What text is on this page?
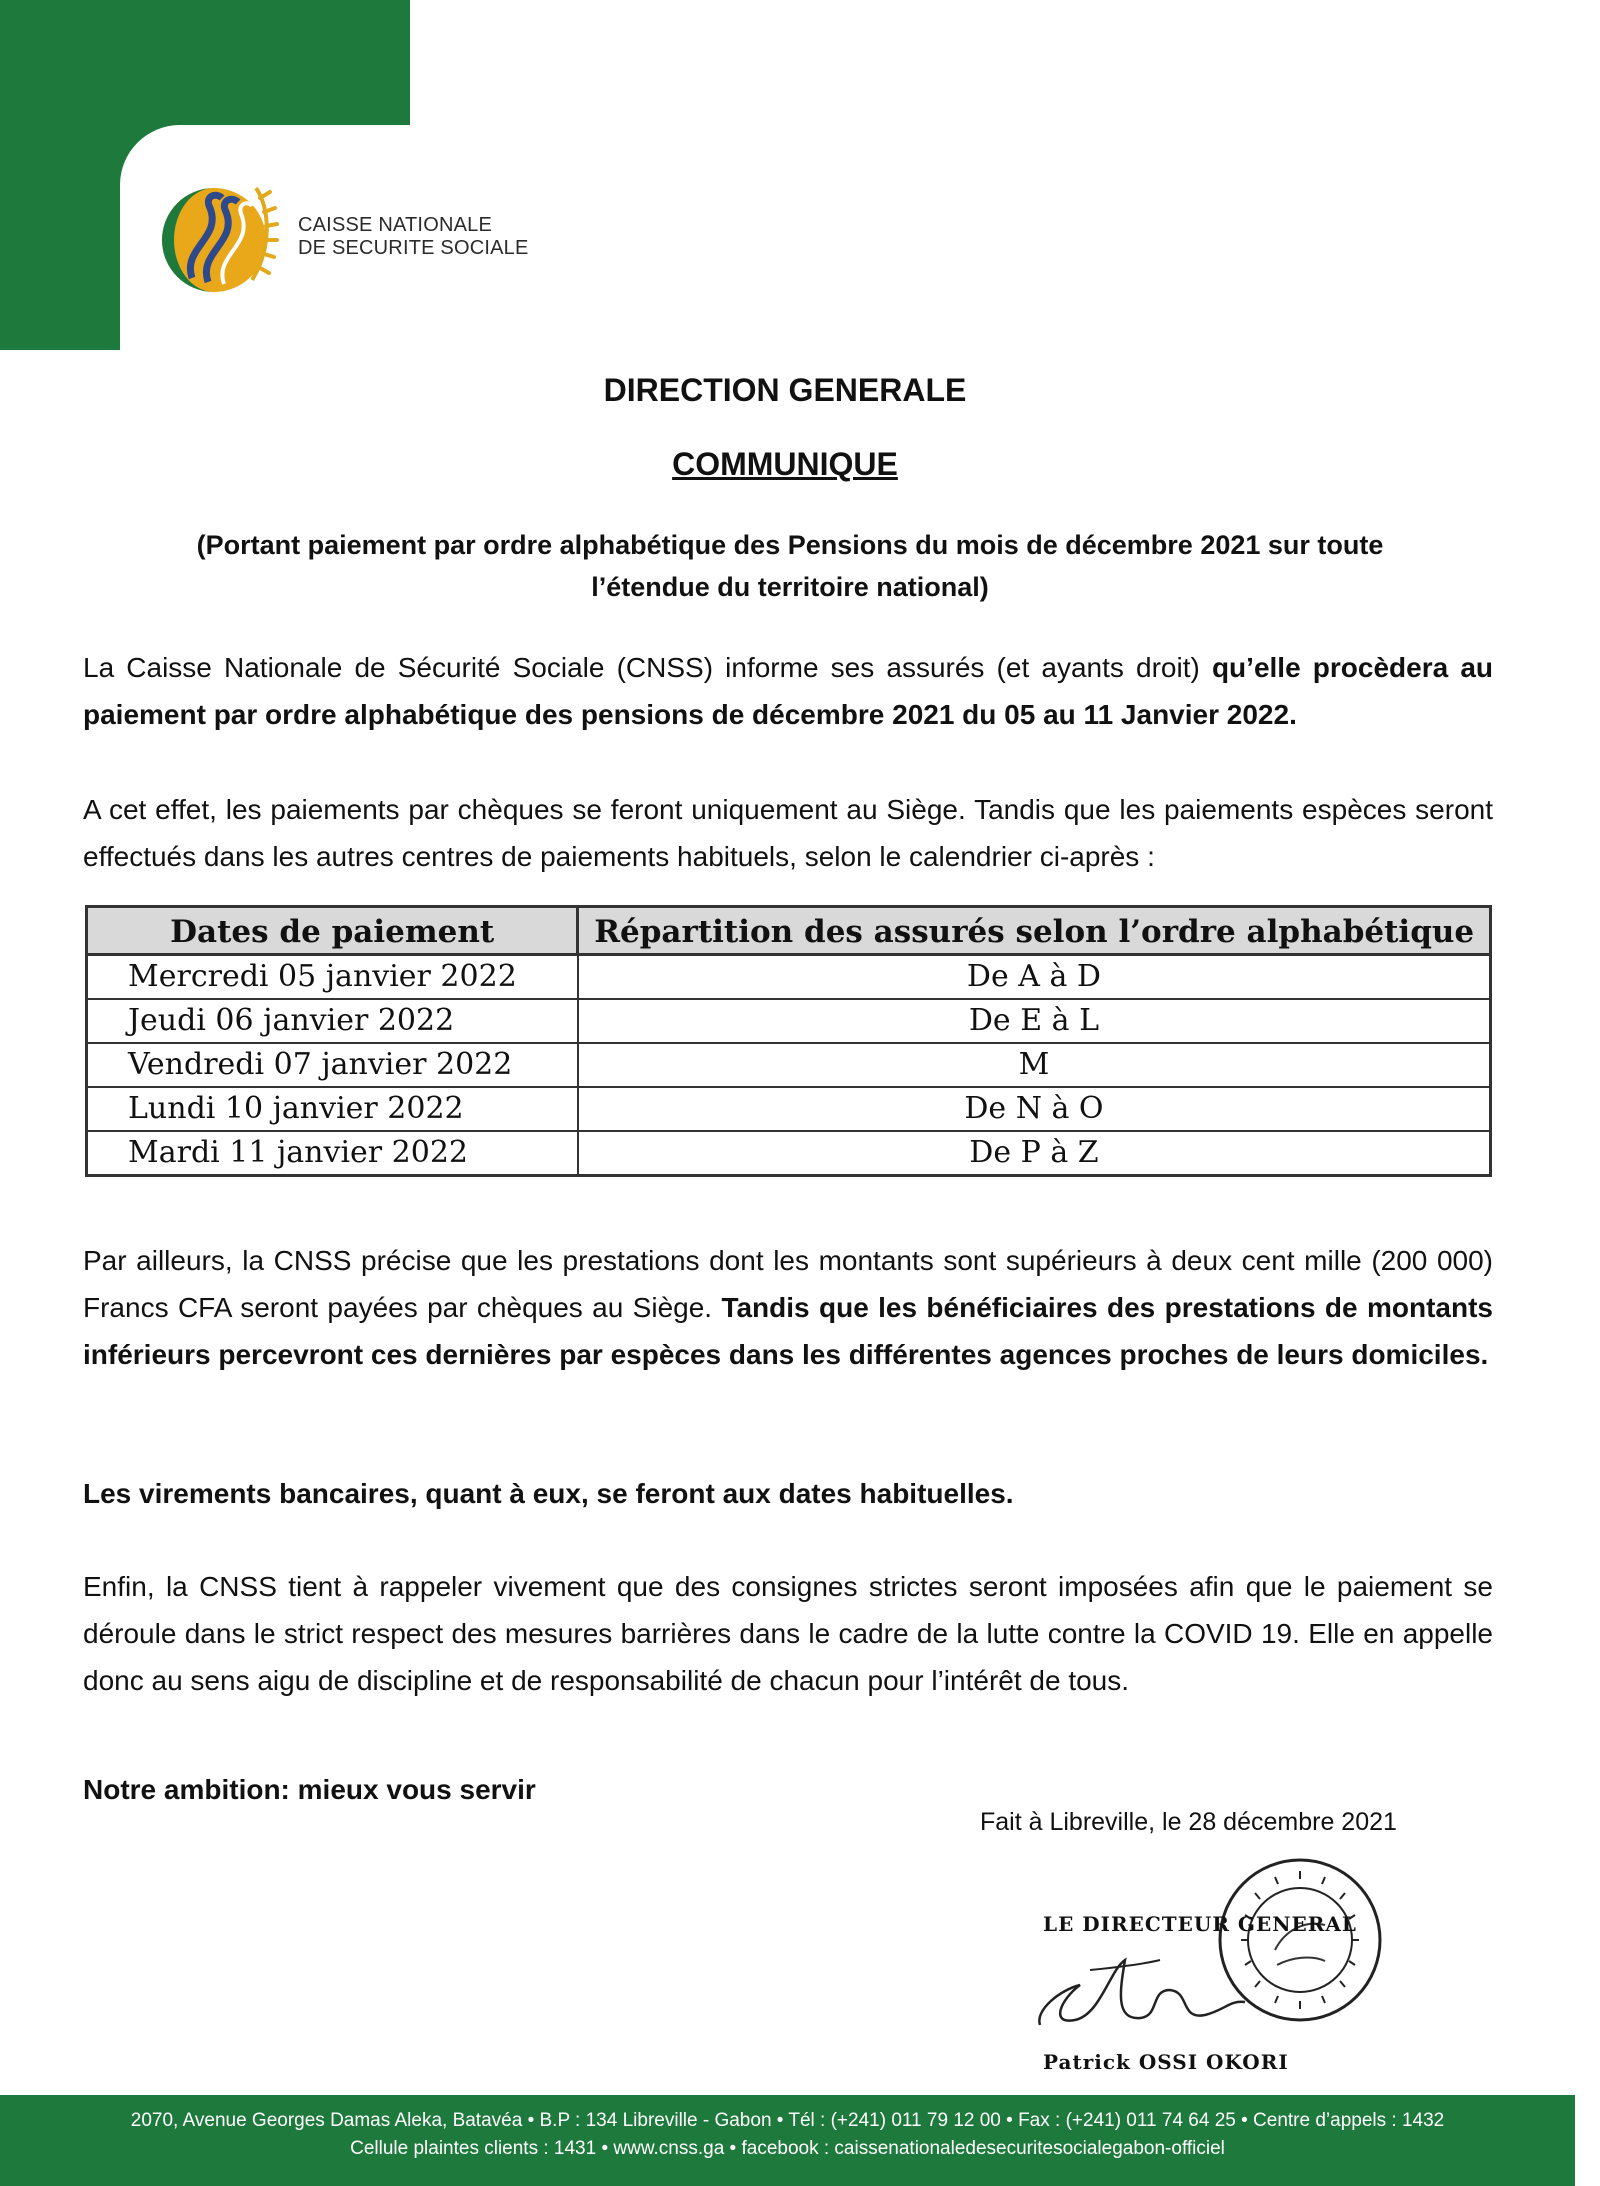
CAISSE NATIONALE
DE SECURITE SOCIALE
DIRECTION GENERALE
COMMUNIQUE
(Portant paiement par ordre alphabétique des Pensions du mois de décembre 2021 sur toute
l’étendue du territoire national)
La Caisse Nationale de Sécurité Sociale (CNSS) informe ses assurés (et ayants droit) qu’elle procèdera au paiement par ordre alphabétique des pensions de décembre 2021 du 05 au 11 Janvier 2022.
A cet effet, les paiements par chèques se feront uniquement au Siège. Tandis que les paiements espèces seront effectués dans les autres centres de paiements habituels, selon le calendrier ci-après :
Dates de paiement	Répartition des assurés selon l’ordre alphabétique
Mercredi 05 janvier 2022	De A à D
Jeudi 06 janvier 2022	De E à L
Vendredi 07 janvier 2022	M
Lundi 10 janvier 2022	De N à O
Mardi 11 janvier 2022	De P à Z
Par ailleurs, la CNSS précise que les prestations dont les montants sont supérieurs à deux cent mille (200 000) Francs CFA seront payées par chèques au Siège. Tandis que les bénéficiaires des prestations de montants inférieurs percevront ces dernières par espèces dans les différentes agences proches de leurs domiciles.
Les virements bancaires, quant à eux, se feront aux dates habituelles.
Enfin, la CNSS tient à rappeler vivement que des consignes strictes seront imposées afin que le paiement se déroule dans le strict respect des mesures barrières dans le cadre de la lutte contre la COVID 19. Elle en appelle donc au sens aigu de discipline et de responsabilité de chacun pour l’intérêt de tous.
Notre ambition: mieux vous servir
Fait à Libreville, le 28 décembre 2021
LE DIRECTEUR GENERAL
Patrick OSSI OKORI
2070, Avenue Georges Damas Aleka, Batavéa • B.P : 134 Libreville - Gabon • Tél : (+241) 011 79 12 00 • Fax : (+241) 011 74 64 25 • Centre d’appels : 1432
Cellule plaintes clients : 1431 • www.cnss.ga • facebook : caissenationaledesecuritesocialegabon-officiel
